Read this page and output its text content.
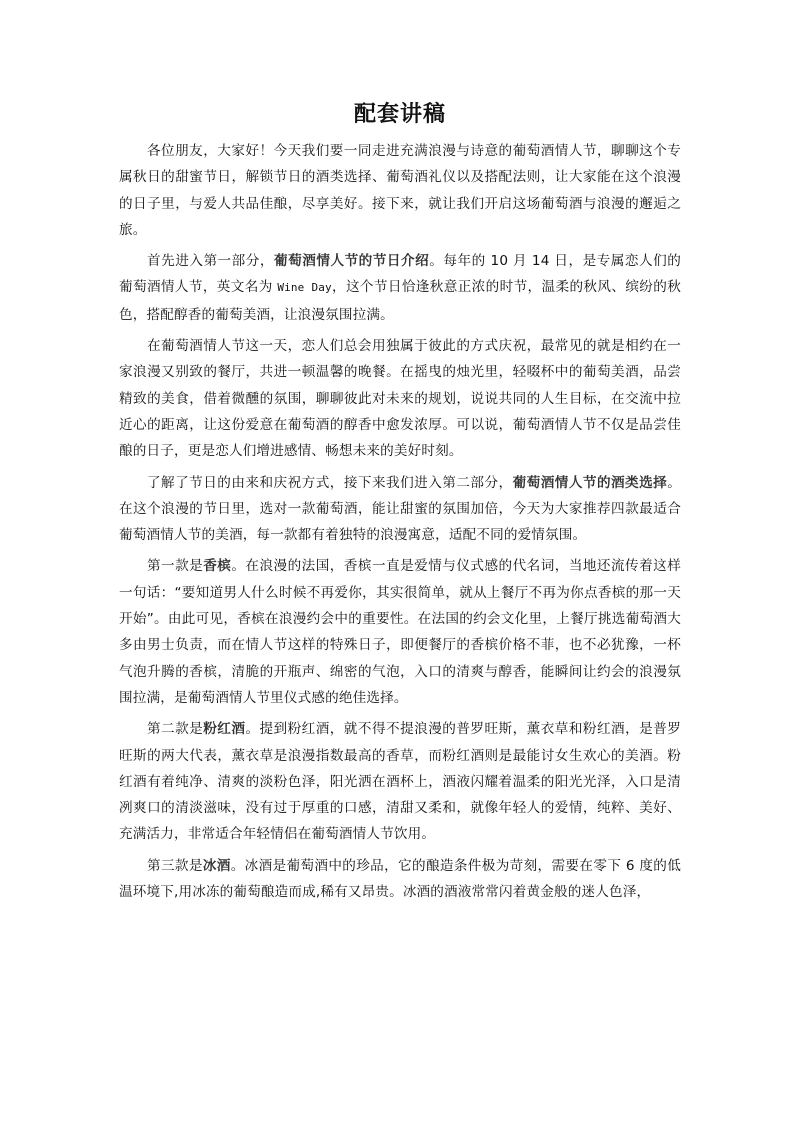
配套讲稿

各位朋友，大家好！今天我们要一同走进充满浪漫与诗意的葡萄酒情人节，聊聊这个专属秋日的甜蜜节日，解锁节日的酒类选择、葡萄酒礼仪以及搭配法则，让大家能在这个浪漫的日子里，与爱人共品佳酿，尽享美好。接下来，就让我们开启这场葡萄酒与浪漫的邂逅之旅。

首先进入第一部分，葡萄酒情人节的节日介绍。每年的 10 月 14 日，是专属恋人们的葡萄酒情人节，英文名为 Wine Day，这个节日恰逢秋意正浓的时节，温柔的秋风、缤纷的秋色，搭配醇香的葡萄美酒，让浪漫氛围拉满。

在葡萄酒情人节这一天，恋人们总会用独属于彼此的方式庆祝，最常见的就是相约在一家浪漫又别致的餐厅，共进一顿温馨的晚餐。在摇曳的烛光里，轻啜杯中的葡萄美酒，品尝精致的美食，借着微醺的氛围，聊聊彼此对未来的规划，说说共同的人生目标，在交流中拉近心的距离，让这份爱意在葡萄酒的醇香中愈发浓厚。可以说，葡萄酒情人节不仅是品尝佳酿的日子，更是恋人们增进感情、畅想未来的美好时刻。

了解了节日的由来和庆祝方式，接下来我们进入第二部分，葡萄酒情人节的酒类选择。在这个浪漫的节日里，选对一款葡萄酒，能让甜蜜的氛围加倍，今天为大家推荐四款最适合葡萄酒情人节的美酒，每一款都有着独特的浪漫寓意，适配不同的爱情氛围。

第一款是香槟。在浪漫的法国，香槟一直是爱情与仪式感的代名词，当地还流传着这样一句话：“要知道男人什么时候不再爱你，其实很简单，就从上餐厅不再为你点香槟的那一天开始”。由此可见，香槟在浪漫约会中的重要性。在法国的约会文化里，上餐厅挑选葡萄酒大多由男士负责，而在情人节这样的特殊日子，即便餐厅的香槟价格不菲，也不必犹豫，一杯气泡升腾的香槟，清脆的开瓶声、绵密的气泡，入口的清爽与醇香，能瞬间让约会的浪漫氛围拉满，是葡萄酒情人节里仪式感的绝佳选择。

第二款是粉红酒。提到粉红酒，就不得不提浪漫的普罗旺斯，薰衣草和粉红酒，是普罗旺斯的两大代表，薰衣草是浪漫指数最高的香草，而粉红酒则是最能讨女生欢心的美酒。粉红酒有着纯净、清爽的淡粉色泽，阳光洒在酒杯上，酒液闪耀着温柔的阳光光泽，入口是清冽爽口的清淡滋味，没有过于厚重的口感，清甜又柔和，就像年轻人的爱情，纯粹、美好、充满活力，非常适合年轻情侣在葡萄酒情人节饮用。

第三款是冰酒。冰酒是葡萄酒中的珍品，它的酿造条件极为苛刻，需要在零下 6 度的低温环境下,用冰冻的葡萄酿造而成,稀有又昂贵。冰酒的酒液常常闪着黄金般的迷人色泽，
